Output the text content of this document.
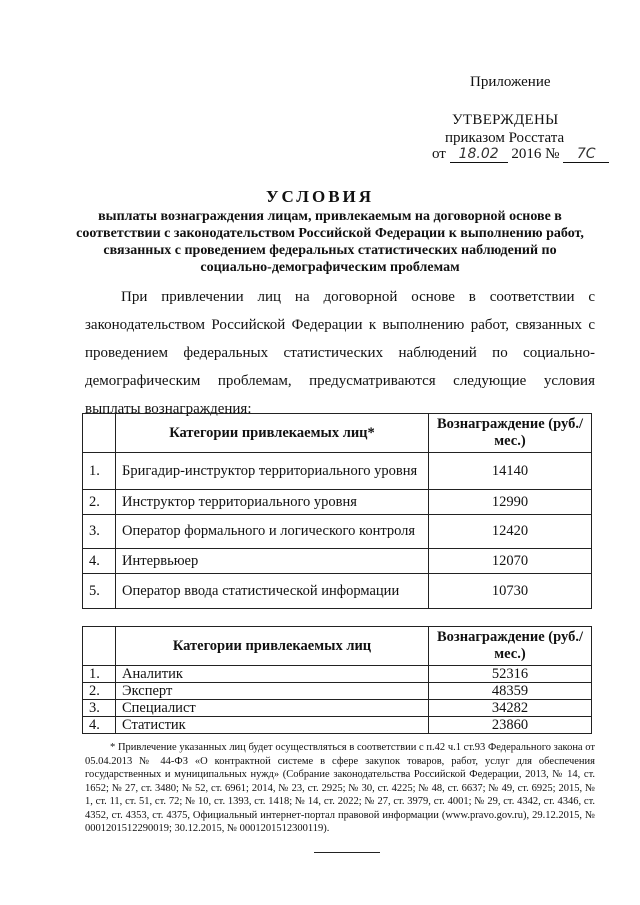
Приложение
УТВЕРЖДЕНЫ
приказом Росстата
от 18.02 2016 № 7С
УСЛОВИЯ
выплаты вознаграждения лицам, привлекаемым на договорной основе в соответствии с законодательством Российской Федерации к выполнению работ, связанных с проведением федеральных статистических наблюдений по социально-демографическим проблемам

При привлечении лиц на договорной основе в соответствии с законодательством Российской Федерации к выполнению работ, связанных с проведением федеральных статистических наблюдений по социально-демографическим проблемам, предусматриваются следующие условия выплаты вознаграждения:

	Категории привлекаемых лиц*	Вознаграждение (руб./мес.)
1.	Бригадир-инструктор территориального уровня	14140
2.	Инструктор территориального уровня	12990
3.	Оператор формального и логического контроля	12420
4.	Интервьюер	12070
5.	Оператор ввода статистической информации	10730
	Категории привлекаемых лиц	Вознаграждение (руб./мес.)
1.	Аналитик	52316
2.	Эксперт	48359
3.	Специалист	34282
4.	Статистик	23860

* Привлечение указанных лиц будет осуществляться в соответствии с п.42 ч.1 ст.93 Федерального закона от 05.04.2013 № 44-ФЗ «О контрактной системе в сфере закупок товаров, работ, услуг для обеспечения государственных и муниципальных нужд» (Собрание законодательства Российской Федерации, 2013, № 14, ст. 1652; № 27, ст. 3480; № 52, ст. 6961; 2014, № 23, ст. 2925; № 30, ст. 4225; № 48, ст. 6637; № 49, ст. 6925; 2015, № 1, ст. 11, ст. 51, ст. 72; № 10, ст. 1393, ст. 1418; № 14, ст. 2022; № 27, ст. 3979, ст. 4001; № 29, ст. 4342, ст. 4346, ст. 4352, ст. 4353, ст. 4375, Официальный интернет-портал правовой информации (www.pravo.gov.ru), 29.12.2015, № 0001201512290019; 30.12.2015, № 0001201512300119).
